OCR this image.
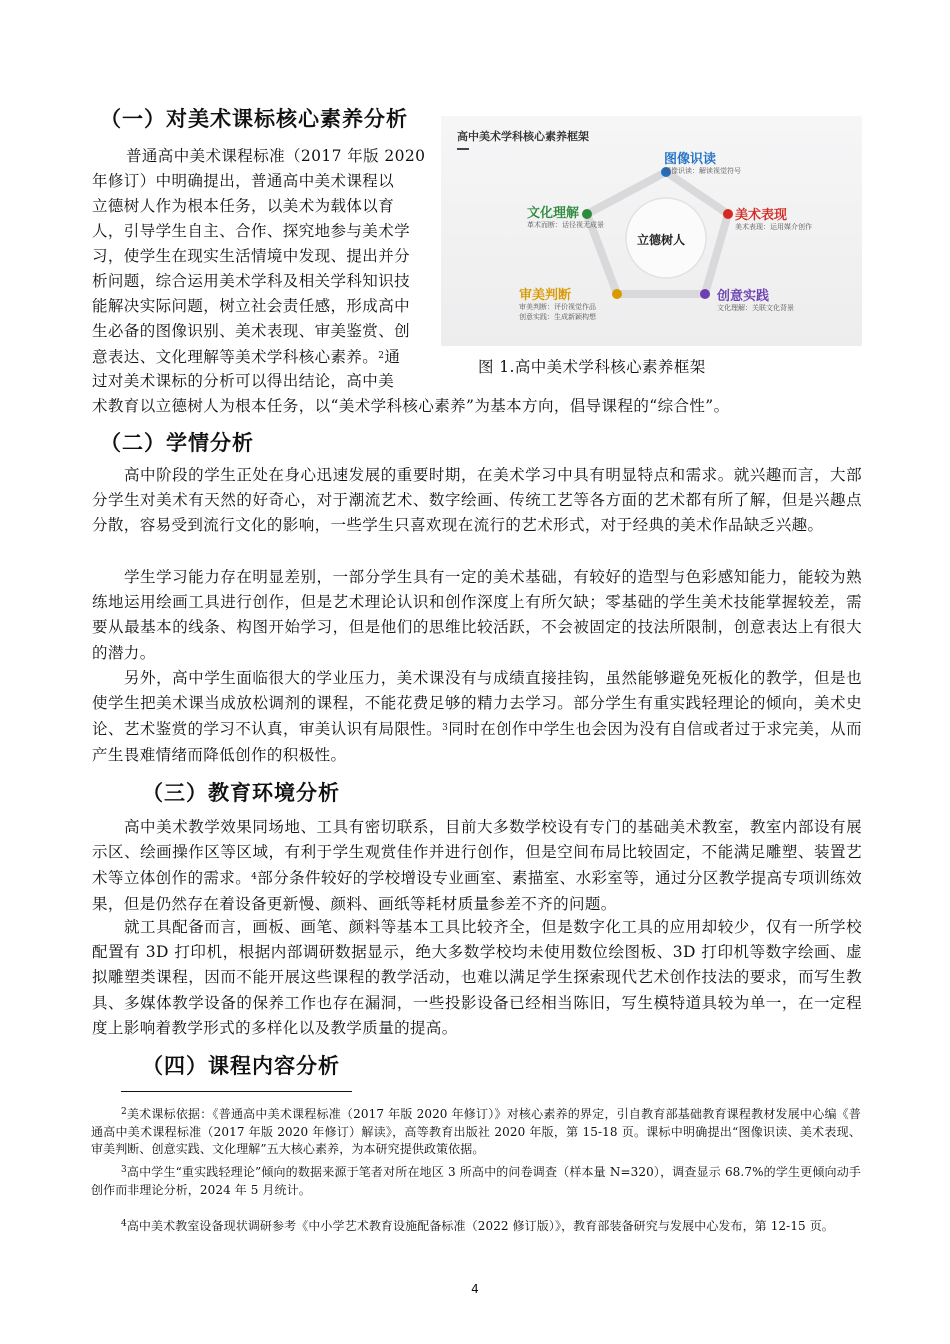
（一）对美术课标核心素养分析
普通高中美术课程标准（2017 年版 2020
年修订）中明确提出，普通高中美术课程以
立德树人作为根本任务，以美术为载体以育
人，引导学生自主、合作、探究地参与美术学
习，使学生在现实生活情境中发现、提出并分
析问题，综合运用美术学科及相关学科知识技
能解决实际问题，树立社会责任感，形成高中
生必备的图像识别、美术表现、审美鉴赏、创
意表达、文化理解等美术学科核心素养。$^2$通
过对美术课标的分析可以得出结论，高中美
术教育以立德树人为根本任务，以“美术学科核心素养”为基本方向，倡导课程的“综合性”。
高中美术学科核心素养框架
立德树人
图像识读
图像识读：解读视觉符号
美术表现
美术表现：运用媒介创作
创意实践
文化理解：关联文化背景
审美判断
审美判断：评价视觉作品
创意实践：生成新颖构想
文化理解
革术而断：话径视无成景
图 1.高中美术学科核心素养框架
（二）学情分析

高中阶段的学生正处在身心迅速发展的重要时期，在美术学习中具有明显特点和需求。就兴趣而言，大部分学生对美术有天然的好奇心，对于潮流艺术、数字绘画、传统工艺等各方面的艺术都有所了解，但是兴趣点分散，容易受到流行文化的影响，一些学生只喜欢现在流行的艺术形式，对于经典的美术作品缺乏兴趣。

学生学习能力存在明显差别，一部分学生具有一定的美术基础，有较好的造型与色彩感知能力，能较为熟练地运用绘画工具进行创作，但是艺术理论认识和创作深度上有所欠缺；零基础的学生美术技能掌握较差，需要从最基本的线条、构图开始学习，但是他们的思维比较活跃，不会被固定的技法所限制，创意表达上有很大的潜力。

另外，高中学生面临很大的学业压力，美术课没有与成绩直接挂钩，虽然能够避免死板化的教学，但是也使学生把美术课当成放松调剂的课程，不能花费足够的精力去学习。部分学生有重实践轻理论的倾向，美术史论、艺术鉴赏的学习不认真，审美认识有局限性。$^3$同时在创作中学生也会因为没有自信或者过于求完美，从而产生畏难情绪而降低创作的积极性。

（三）教育环境分析

高中美术教学效果同场地、工具有密切联系，目前大多数学校设有专门的基础美术教室，教室内部设有展示区、绘画操作区等区域，有利于学生观赏佳作并进行创作，但是空间布局比较固定，不能满足雕塑、装置艺术等立体创作的需求。$^4$部分条件较好的学校增设专业画室、素描室、水彩室等，通过分区教学提高专项训练效果，但是仍然存在着设备更新慢、颜料、画纸等耗材质量参差不齐的问题。

就工具配备而言，画板、画笔、颜料等基本工具比较齐全，但是数字化工具的应用却较少，仅有一所学校配置有 3D 打印机，根据内部调研数据显示，绝大多数学校均未使用数位绘图板、3D 打印机等数字绘画、虚拟雕塑类课程，因而不能开展这些课程的教学活动，也难以满足学生探索现代艺术创作技法的要求，而写生教具、多媒体教学设备的保养工作也存在漏洞，一些投影设备已经相当陈旧，写生模特道具较为单一，在一定程度上影响着教学形式的多样化以及教学质量的提高。

（四）课程内容分析

$^2$美术课标依据：《普通高中美术课程标准（2017 年版 2020 年修订）》对核心素养的界定，引自教育部基础教育课程教材发展中心编《普通高中美术课程标准（2017 年版 2020 年修订）解读》，高等教育出版社 2020 年版，第 15-18 页。课标中明确提出“图像识读、美术表现、审美判断、创意实践、文化理解”五大核心素养，为本研究提供政策依据。

$^3$高中学生“重实践轻理论”倾向的数据来源于笔者对所在地区 3 所高中的问卷调查（样本量 N=320），调查显示 68.7%的学生更倾向动手创作而非理论分析，2024 年 5 月统计。

$^4$高中美术教室设备现状调研参考《中小学艺术教育设施配备标准（2022 修订版）》，教育部装备研究与发展中心发布，第 12-15 页。

4
